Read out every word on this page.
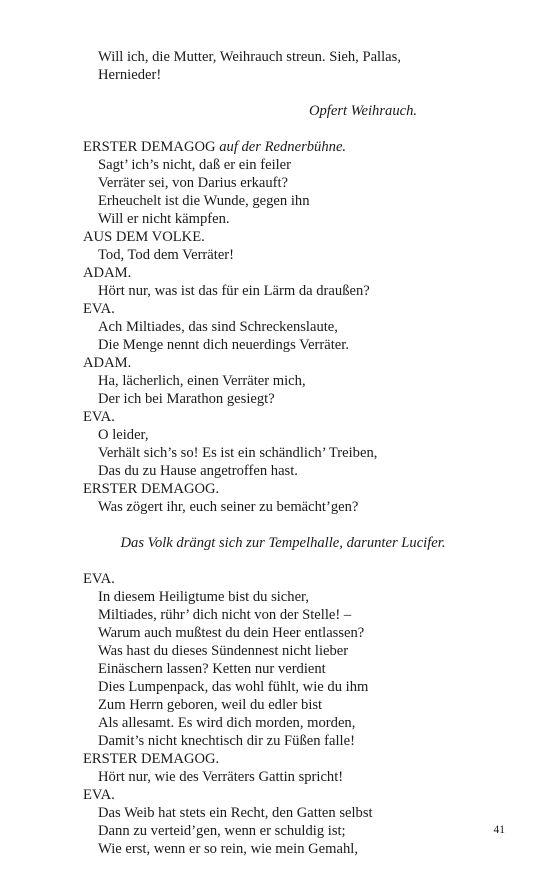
Will ich, die Mutter, Weihrauch streun. Sieh, Pallas,
Hernieder!
Opfert Weihrauch.
ERSTER DEMAGOG auf der Rednerbühne.
Sagt’ ich’s nicht, daß er ein feiler
Verräter sei, von Darius erkauft?
Erheuchelt ist die Wunde, gegen ihn
Will er nicht kämpfen.
AUS DEM VOLKE.
Tod, Tod dem Verräter!
ADAM.
Hört nur, was ist das für ein Lärm da draußen?
EVA.
Ach Miltiades, das sind Schreckenslaute,
Die Menge nennt dich neuerdings Verräter.
ADAM.
Ha, lächerlich, einen Verräter mich,
Der ich bei Marathon gesiegt?
EVA.
O leider,
Verhält sich’s so! Es ist ein schändlich’ Treiben,
Das du zu Hause angetroffen hast.
ERSTER DEMAGOG.
Was zögert ihr, euch seiner zu bemächt’gen?
Das Volk drängt sich zur Tempelhalle, darunter Lucifer.
EVA.
In diesem Heiligtume bist du sicher,
Miltiades, rühr’ dich nicht von der Stelle! –
Warum auch mußtest du dein Heer entlassen?
Was hast du dieses Sündennest nicht lieber
Einäschern lassen? Ketten nur verdient
Dies Lumpenpack, das wohl fühlt, wie du ihm
Zum Herrn geboren, weil du edler bist
Als allesamt. Es wird dich morden, morden,
Damit’s nicht knechtisch dir zu Füßen falle!
ERSTER DEMAGOG.
Hört nur, wie des Verräters Gattin spricht!
EVA.
Das Weib hat stets ein Recht, den Gatten selbst
Dann zu verteid’gen, wenn er schuldig ist;
Wie erst, wenn er so rein, wie mein Gemahl,
41
